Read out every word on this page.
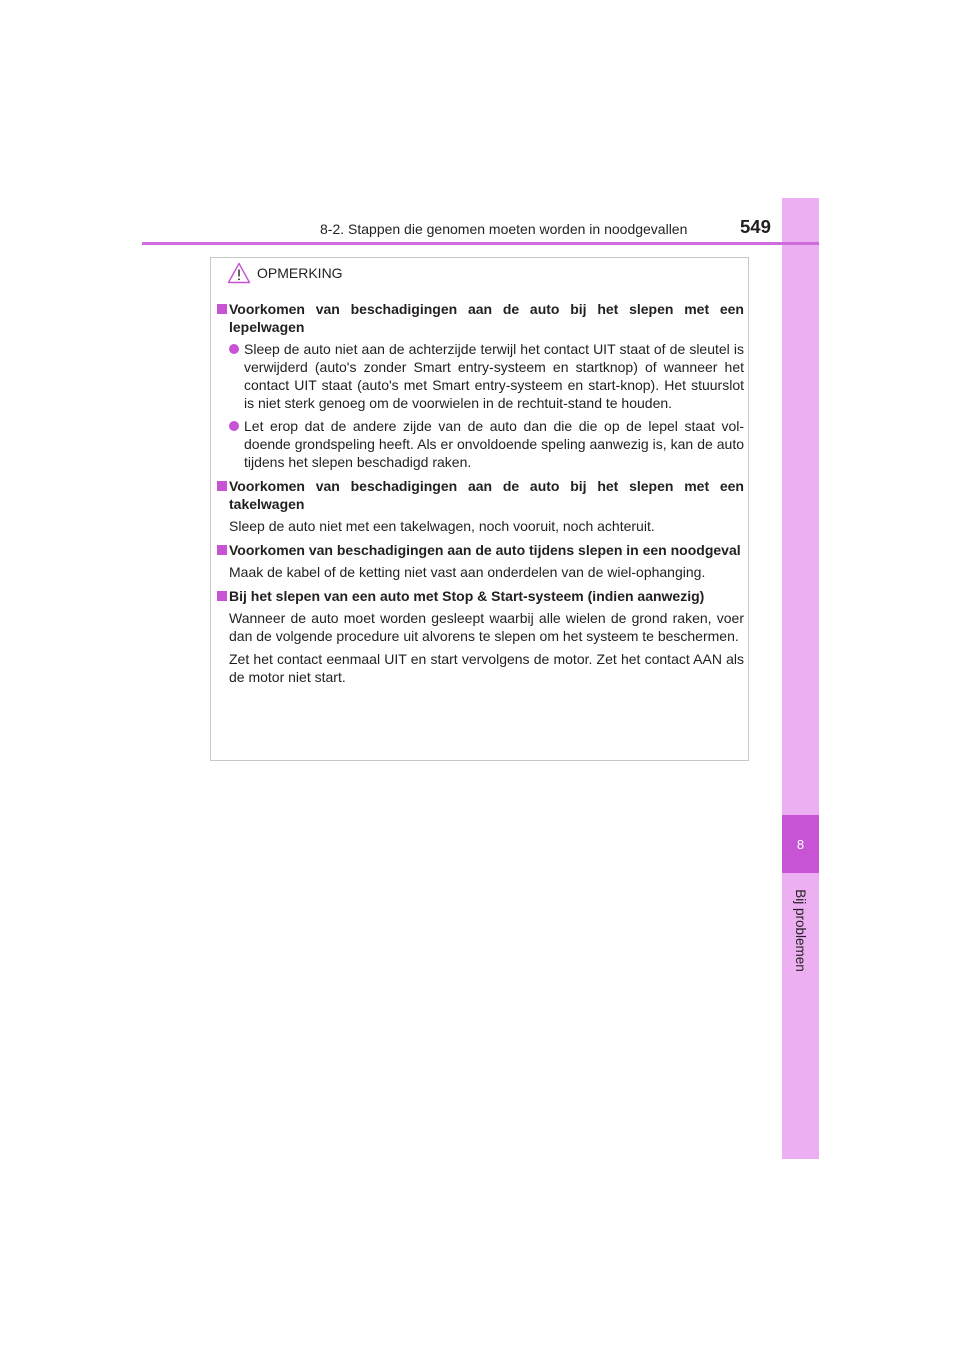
8
Bij problemen
8-2. Stappen die genomen moeten worden in noodgevallen	549
OPMERKING
Voorkomen van beschadigingen aan de auto bij het slepen met een lepelwagen
Sleep de auto niet aan de achterzijde terwijl het contact UIT staat of de sleutel is verwijderd (auto's zonder Smart entry-systeem en startknop) of wanneer het contact UIT staat (auto's met Smart entry-systeem en start-knop). Het stuurslot is niet sterk genoeg om de voorwielen in de rechtuit-stand te houden.
Let erop dat de andere zijde van de auto dan die die op de lepel staat vol-doende grondspeling heeft. Als er onvoldoende speling aanwezig is, kan de auto tijdens het slepen beschadigd raken.
Voorkomen van beschadigingen aan de auto bij het slepen met een takelwagen
Sleep de auto niet met een takelwagen, noch vooruit, noch achteruit.
Voorkomen van beschadigingen aan de auto tijdens slepen in een noodgeval
Maak de kabel of de ketting niet vast aan onderdelen van de wiel-ophanging.
Bij het slepen van een auto met Stop & Start-systeem (indien aanwezig)
Wanneer de auto moet worden gesleept waarbij alle wielen de grond raken, voer dan de volgende procedure uit alvorens te slepen om het systeem te beschermen.
Zet het contact eenmaal UIT en start vervolgens de motor. Zet het contact AAN als de motor niet start.
